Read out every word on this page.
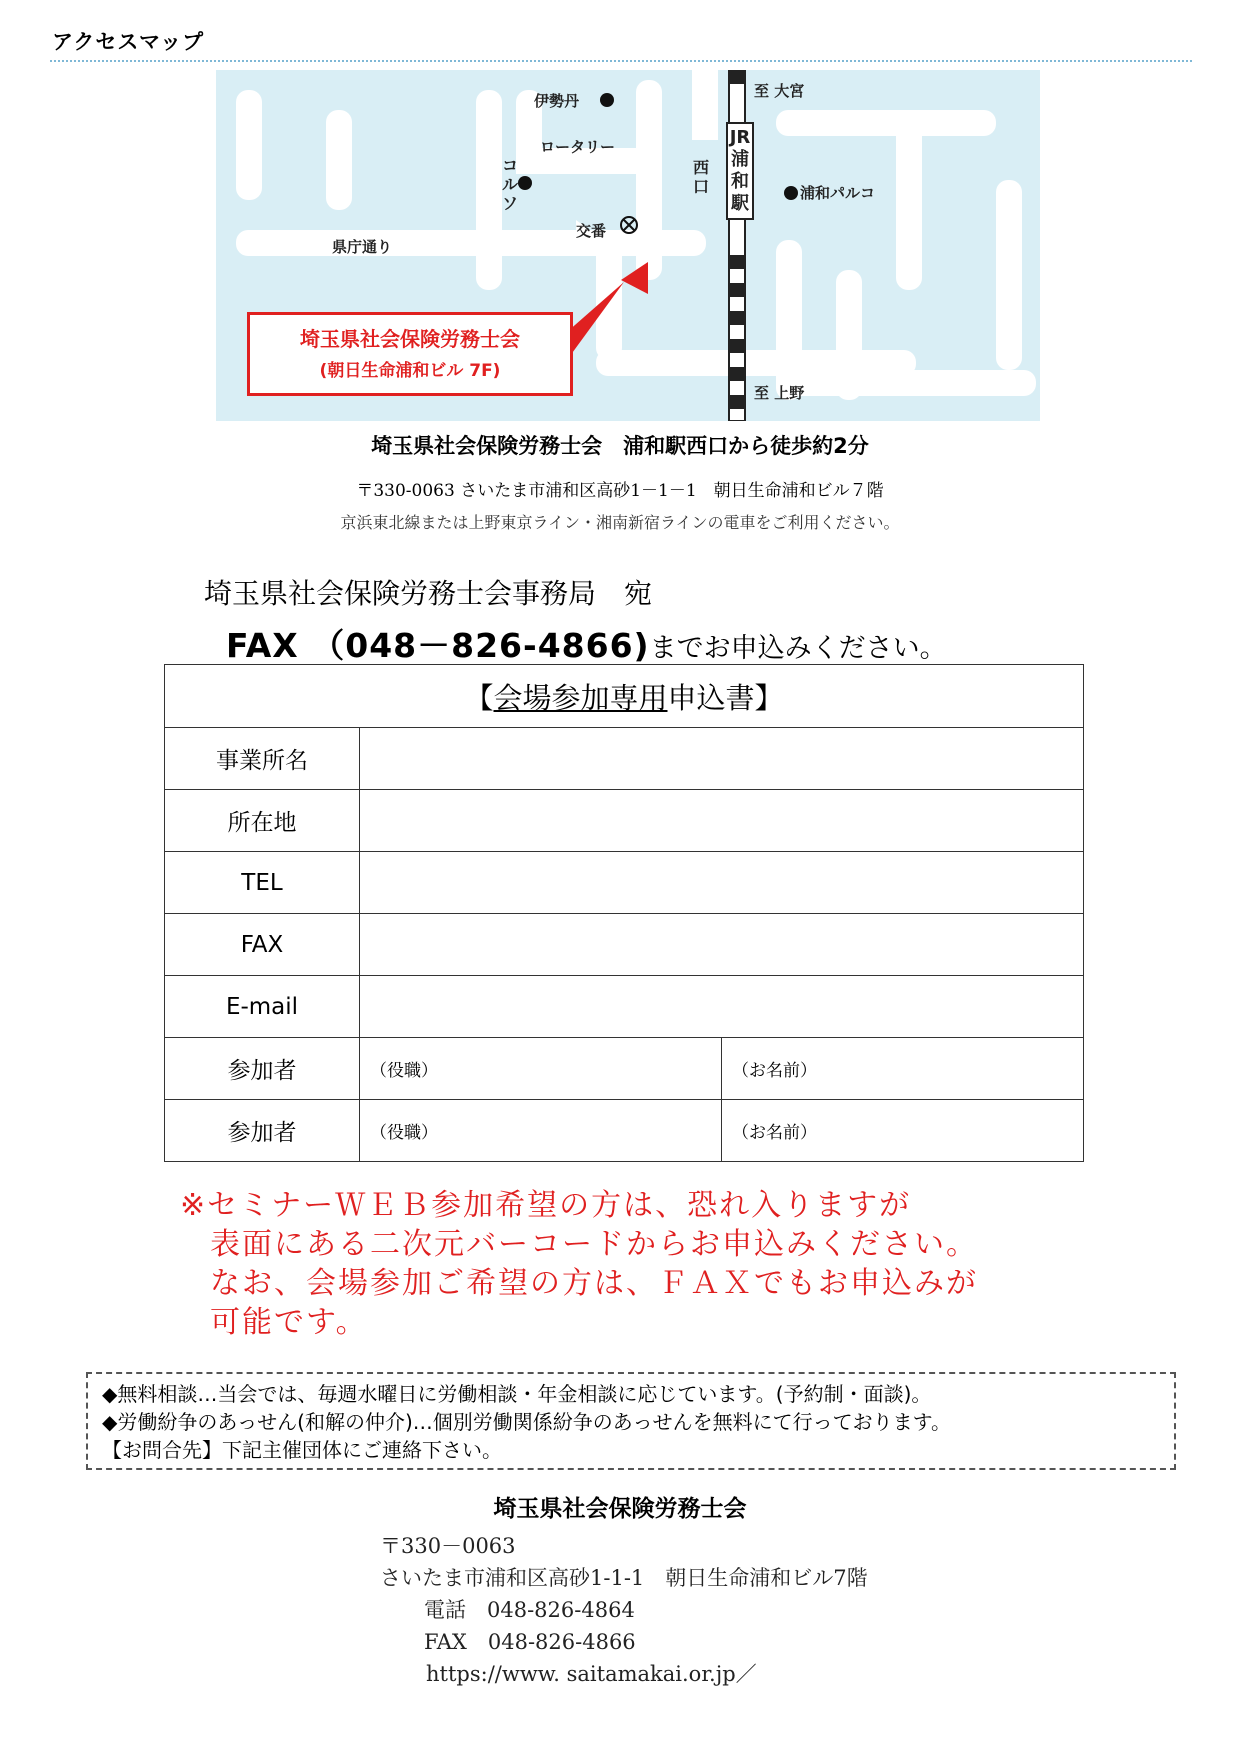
アクセスマップ
至 大宮
至 上野
伊勢丹
ロータリー
浦和パルコ
県庁通り
交番
コルソ
西口
JR浦和駅
埼玉県社会保険労務士会
(朝日生命浦和ビル 7F)
埼玉県社会保険労務士会　浦和駅西口から徒歩約2分
〒330-0063 さいたま市浦和区高砂1－1－1　朝日生命浦和ビル７階
京浜東北線または上野東京ライン・湘南新宿ラインの電車をご利用ください。
埼玉県社会保険労務士会事務局　宛
FAX （048－826-4866)までお申込みください。
【会場参加専用申込書】		
事業所名		
所在地		
TEL		
FAX		
E-mail		
参加者	（役職）	（お名前）
参加者	（役職）	（お名前）
※セミナーＷＥＢ参加希望の方は、恐れ入りますが
表面にある二次元バーコードからお申込みください。
なお、会場参加ご希望の方は、ＦＡＸでもお申込みが
可能です。
◆無料相談…当会では、毎週水曜日に労働相談・年金相談に応じています。(予約制・面談)。
◆労働紛争のあっせん(和解の仲介)…個別労働関係紛争のあっせんを無料にて行っております。
【お問合先】下記主催団体にご連絡下さい。
埼玉県社会保険労務士会
〒330－0063
さいたま市浦和区高砂1-1-1　朝日生命浦和ビル7階
電話　048-826-4864
FAX　048-826-4866
https://www. saitamakai.or.jp／
